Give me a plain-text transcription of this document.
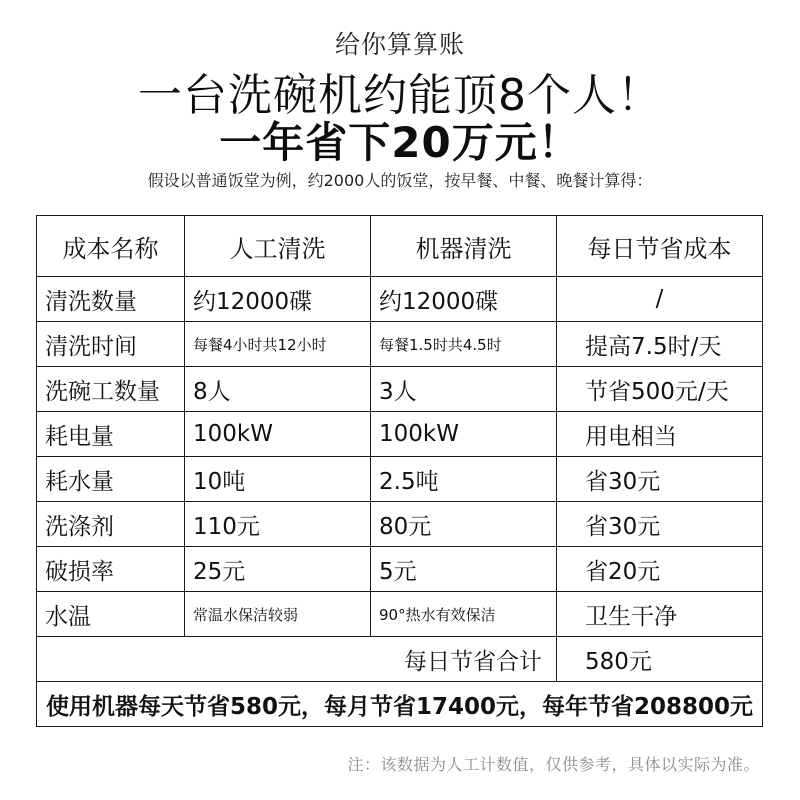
给你算算账
一台洗碗机约能顶8个人！
一年省下20万元！
假设以普通饭堂为例，约2000人的饭堂，按早餐、中餐、晚餐计算得：
成本名称	人工清洗	机器清洗	每日节省成本
清洗数量	约12000碟	约12000碟	/
清洗时间	每餐4小时共12小时	每餐1.5时共4.5时	提高7.5时/天
洗碗工数量	8人	3人	节省500元/天
耗电量	100kW	100kW	用电相当
耗水量	10吨	2.5吨	省30元
洗涤剂	110元	80元	省30元
破损率	25元	5元	省20元
水温	常温水保洁较弱	90°热水有效保洁	卫生干净
每日节省合计			580元
使用机器每天节省580元，每月节省17400元，每年节省208800元			
注：该数据为人工计数值，仅供参考，具体以实际为准。
